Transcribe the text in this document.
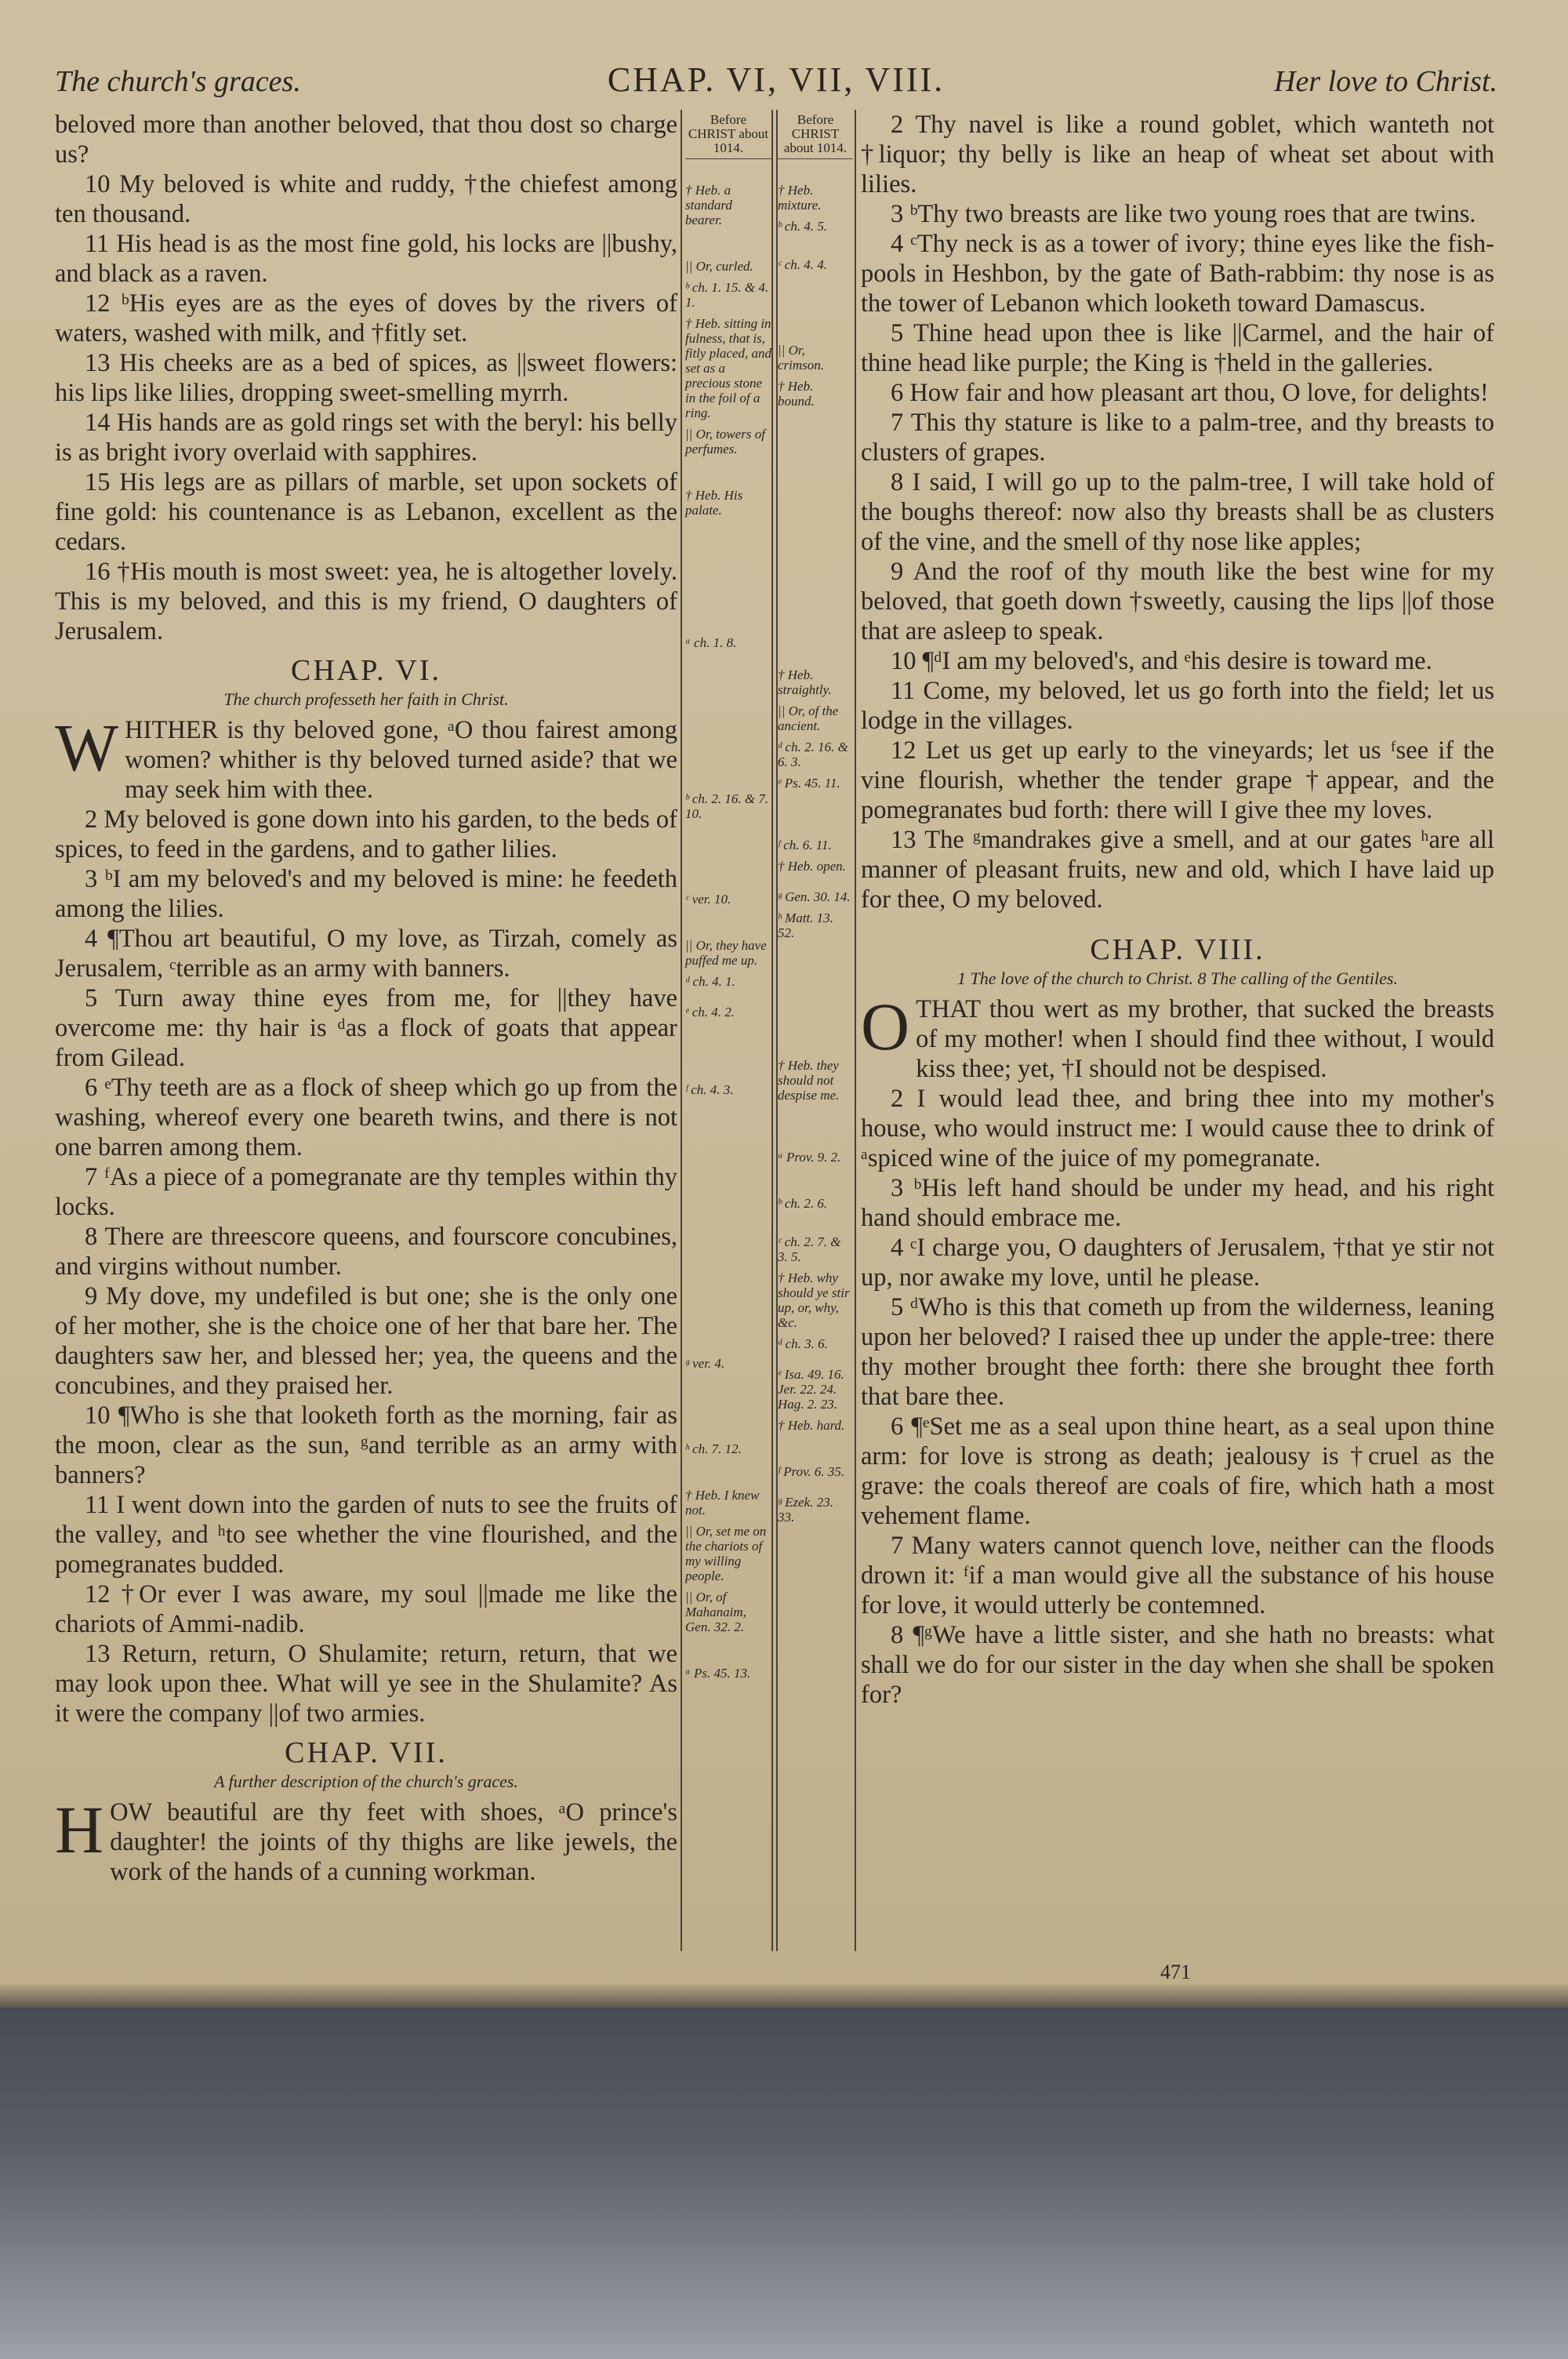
The church's graces.	CHAP. VI, VII, VIII.	Her love to Christ.

beloved more than another beloved, that thou dost so charge us?

10 My beloved is white and ruddy, †the chiefest among ten thousand.

11 His head is as the most fine gold, his locks are ||bushy, and black as a raven.

12 ᵇHis eyes are as the eyes of doves by the rivers of waters, washed with milk, and †fitly set.

13 His cheeks are as a bed of spices, as ||sweet flowers: his lips like lilies, dropping sweet-smelling myrrh.

14 His hands are as gold rings set with the beryl: his belly is as bright ivory overlaid with sapphires.

15 His legs are as pillars of marble, set upon sockets of fine gold: his countenance is as Lebanon, excellent as the cedars.

16 †His mouth is most sweet: yea, he is altogether lovely. This is my beloved, and this is my friend, O daughters of Jerusalem.

CHAP. VI.
The church professeth her faith in Christ.

WHITHER is thy beloved gone, ᵃO thou fairest among women? whither is thy beloved turned aside? that we may seek him with thee.

2 My beloved is gone down into his garden, to the beds of spices, to feed in the gardens, and to gather lilies.

3 ᵇI am my beloved's and my beloved is mine: he feedeth among the lilies.

4 ¶Thou art beautiful, O my love, as Tirzah, comely as Jerusalem, ᶜterrible as an army with banners.

5 Turn away thine eyes from me, for ||they have overcome me: thy hair is ᵈas a flock of goats that appear from Gilead.

6 ᵉThy teeth are as a flock of sheep which go up from the washing, whereof every one beareth twins, and there is not one barren among them.

7 ᶠAs a piece of a pomegranate are thy temples within thy locks.

8 There are threescore queens, and fourscore concubines, and virgins without number.

9 My dove, my undefiled is but one; she is the only one of her mother, she is the choice one of her that bare her. The daughters saw her, and blessed her; yea, the queens and the concubines, and they praised her.

10 ¶Who is she that looketh forth as the morning, fair as the moon, clear as the sun, ᵍand terrible as an army with banners?

11 I went down into the garden of nuts to see the fruits of the valley, and ʰto see whether the vine flourished, and the pomegranates budded.

12 †Or ever I was aware, my soul ||made me like the chariots of Ammi-nadib.

13 Return, return, O Shulamite; return, return, that we may look upon thee. What will ye see in the Shulamite? As it were the company ||of two armies.

CHAP. VII.
A further description of the church's graces.

HOW beautiful are thy feet with shoes, ᵃO prince's daughter! the joints of thy thighs are like jewels, the work of the hands of a cunning workman.

Before CHRIST about 1014.
† Heb. a standard bearer.
|| Or, curled.
ᵇ ch. 1. 15. & 4. 1.
† Heb. sitting in fulness, that is, fitly placed, and set as a precious stone in the foil of a ring.
|| Or, towers of perfumes.
† Heb. His palate.
ᵃ ch. 1. 8.
ᵇ ch. 2. 16. & 7. 10.
ᶜ ver. 10.
|| Or, they have puffed me up.
ᵈ ch. 4. 1.
ᵉ ch. 4. 2.
ᶠ ch. 4. 3.
ᵍ ver. 4.
ʰ ch. 7. 12.
† Heb. I knew not.
|| Or, set me on the chariots of my willing people.
|| Or, of Mahanaim, Gen. 32. 2.
ᵃ Ps. 45. 13.
Before CHRIST about 1014.
† Heb. mixture.
ᵇ ch. 4. 5.
ᶜ ch. 4. 4.
|| Or, crimson.
† Heb. bound.
† Heb. straightly.
|| Or, of the ancient.
ᵈ ch. 2. 16. & 6. 3.
ᵉ Ps. 45. 11.
ᶠ ch. 6. 11.
† Heb. open.
ᵍ Gen. 30. 14.
ʰ Matt. 13. 52.
† Heb. they should not despise me.
ᵃ Prov. 9. 2.
ᵇ ch. 2. 6.
ᶜ ch. 2. 7. & 3. 5.
† Heb. why should ye stir up, or, why, &c.
ᵈ ch. 3. 6.
ᵉ Isa. 49. 16. Jer. 22. 24. Hag. 2. 23.
† Heb. hard.
ᶠ Prov. 6. 35.
ᵍ Ezek. 23. 33.

2 Thy navel is like a round goblet, which wanteth not †liquor; thy belly is like an heap of wheat set about with lilies.

3 ᵇThy two breasts are like two young roes that are twins.

4 ᶜThy neck is as a tower of ivory; thine eyes like the fish-pools in Heshbon, by the gate of Bath-rabbim: thy nose is as the tower of Lebanon which looketh toward Damascus.

5 Thine head upon thee is like ||Carmel, and the hair of thine head like purple; the King is †held in the galleries.

6 How fair and how pleasant art thou, O love, for delights!

7 This thy stature is like to a palm-tree, and thy breasts to clusters of grapes.

8 I said, I will go up to the palm-tree, I will take hold of the boughs thereof: now also thy breasts shall be as clusters of the vine, and the smell of thy nose like apples;

9 And the roof of thy mouth like the best wine for my beloved, that goeth down †sweetly, causing the lips ||of those that are asleep to speak.

10 ¶ᵈI am my beloved's, and ᵉhis desire is toward me.

11 Come, my beloved, let us go forth into the field; let us lodge in the villages.

12 Let us get up early to the vineyards; let us ᶠsee if the vine flourish, whether the tender grape †appear, and the pomegranates bud forth: there will I give thee my loves.

13 The ᵍmandrakes give a smell, and at our gates ʰare all manner of pleasant fruits, new and old, which I have laid up for thee, O my beloved.

CHAP. VIII.
1 The love of the church to Christ. 8 The calling of the Gentiles.

OTHAT thou wert as my brother, that sucked the breasts of my mother! when I should find thee without, I would kiss thee; yet, †I should not be despised.

2 I would lead thee, and bring thee into my mother's house, who would instruct me: I would cause thee to drink of ᵃspiced wine of the juice of my pomegranate.

3 ᵇHis left hand should be under my head, and his right hand should embrace me.

4 ᶜI charge you, O daughters of Jerusalem, †that ye stir not up, nor awake my love, until he please.

5 ᵈWho is this that cometh up from the wilderness, leaning upon her beloved? I raised thee up under the apple-tree: there thy mother brought thee forth: there she brought thee forth that bare thee.

6 ¶ᵉSet me as a seal upon thine heart, as a seal upon thine arm: for love is strong as death; jealousy is †cruel as the grave: the coals thereof are coals of fire, which hath a most vehement flame.

7 Many waters cannot quench love, neither can the floods drown it: ᶠif a man would give all the substance of his house for love, it would utterly be contemned.

8 ¶ᵍWe have a little sister, and she hath no breasts: what shall we do for our sister in the day when she shall be spoken for?

471
